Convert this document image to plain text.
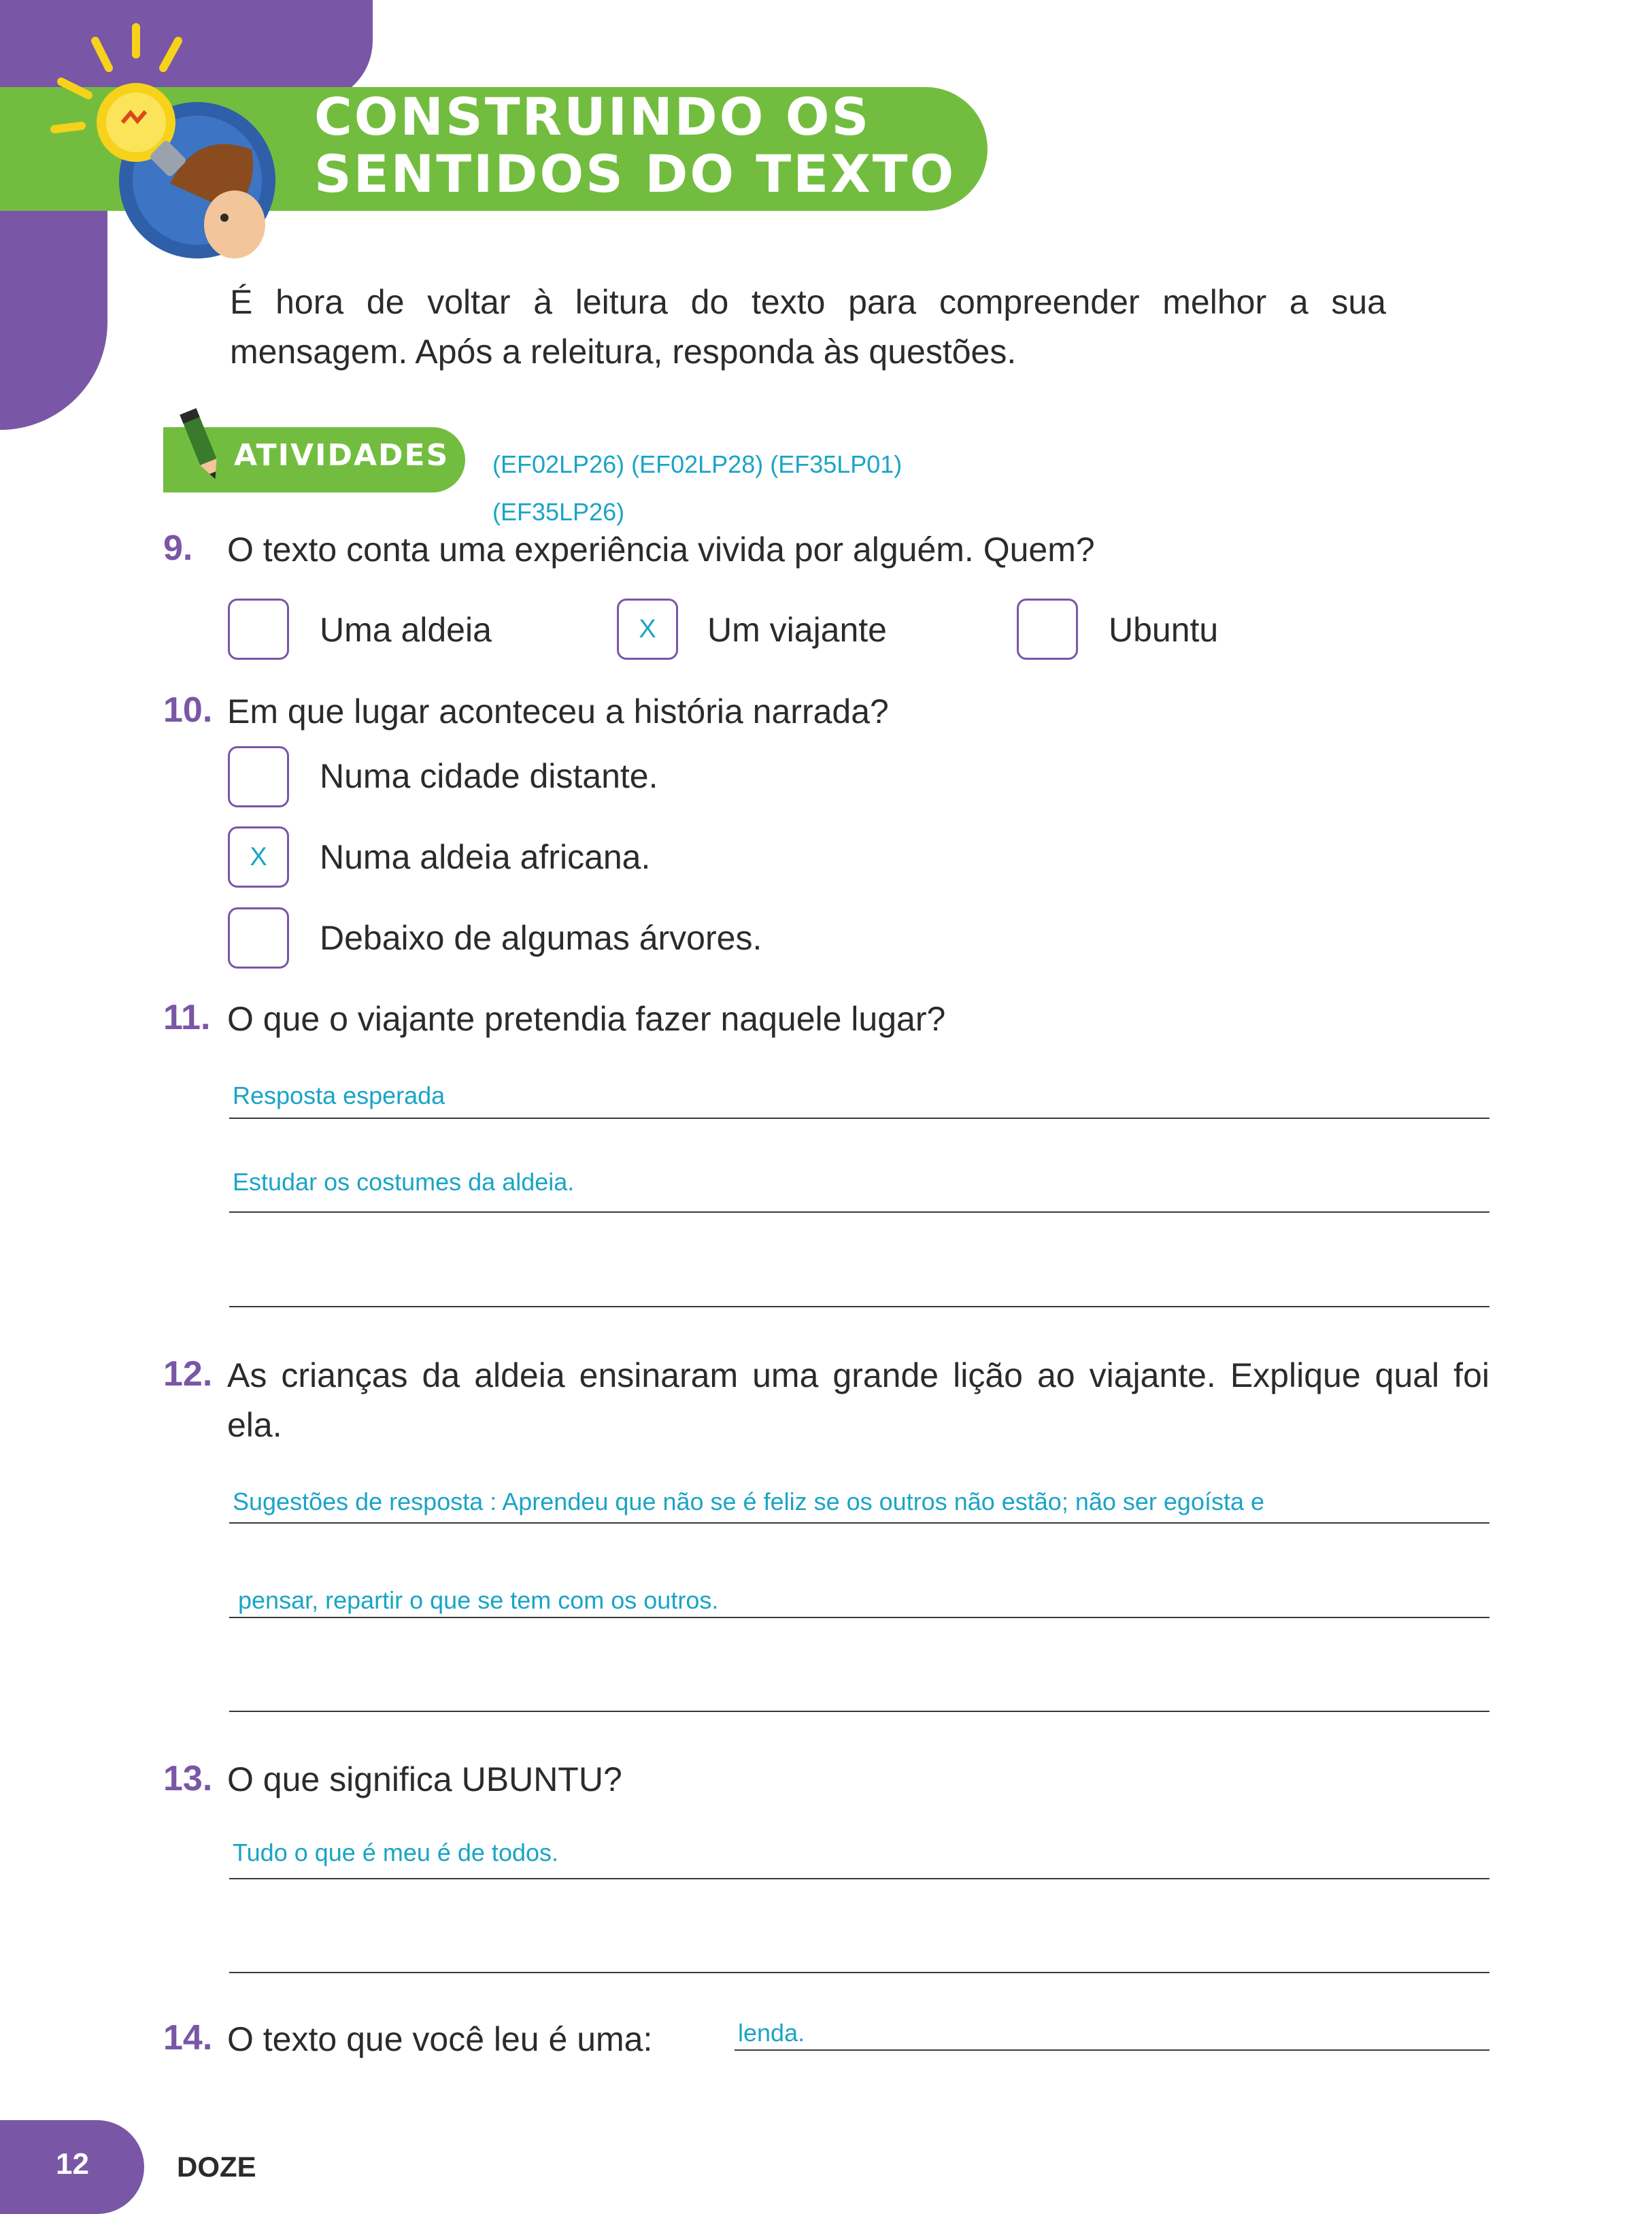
CONSTRUINDO OS
SENTIDOS DO TEXTO
É hora de voltar à leitura do texto para compreender melhor a sua mensagem. Após a releitura, responda às questões.
ATIVIDADES (EF02LP26) (EF02LP28) (EF35LP01)
(EF35LP26)
9. O texto conta uma experiência vivida por alguém. Quem?
Uma aldeia	X	Um viajante	Ubuntu
10. Em que lugar aconteceu a história narrada?
Numa cidade distante.
X	Numa aldeia africana.
Debaixo de algumas árvores.
11. O que o viajante pretendia fazer naquele lugar?
Resposta esperada
Estudar os costumes da aldeia.
12. As crianças da aldeia ensinaram uma grande lição ao viajante. Explique qual foi ela.
Sugestões de resposta : Aprendeu que não se é feliz se os outros não estão; não ser egoísta e
pensar, repartir o que se tem com os outros.
13. O que significa UBUNTU?
Tudo o que é meu é de todos.
14. O texto que você leu é uma:	lenda.
12	DOZE
